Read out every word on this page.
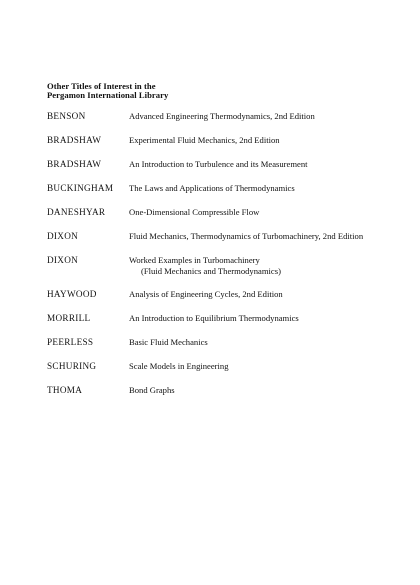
Other Titles of Interest in the
Pergamon International Library
BENSON	Advanced Engineering Thermodynamics, 2nd Edition
BRADSHAW	Experimental Fluid Mechanics, 2nd Edition
BRADSHAW	An Introduction to Turbulence and its Measurement
BUCKINGHAM The Laws and Applications of Thermodynamics
DANESHYAR	One-Dimensional Compressible Flow
DIXON	Fluid Mechanics, Thermodynamics of Turbomachinery, 2nd Edition
DIXON	Worked Examples in Turbomachinery
(Fluid Mechanics and Thermodynamics)
HAYWOOD	Analysis of Engineering Cycles, 2nd Edition
MORRILL	An Introduction to Equilibrium Thermodynamics
PEERLESS	Basic Fluid Mechanics
SCHURING	Scale Models in Engineering
THOMA	Bond Graphs
